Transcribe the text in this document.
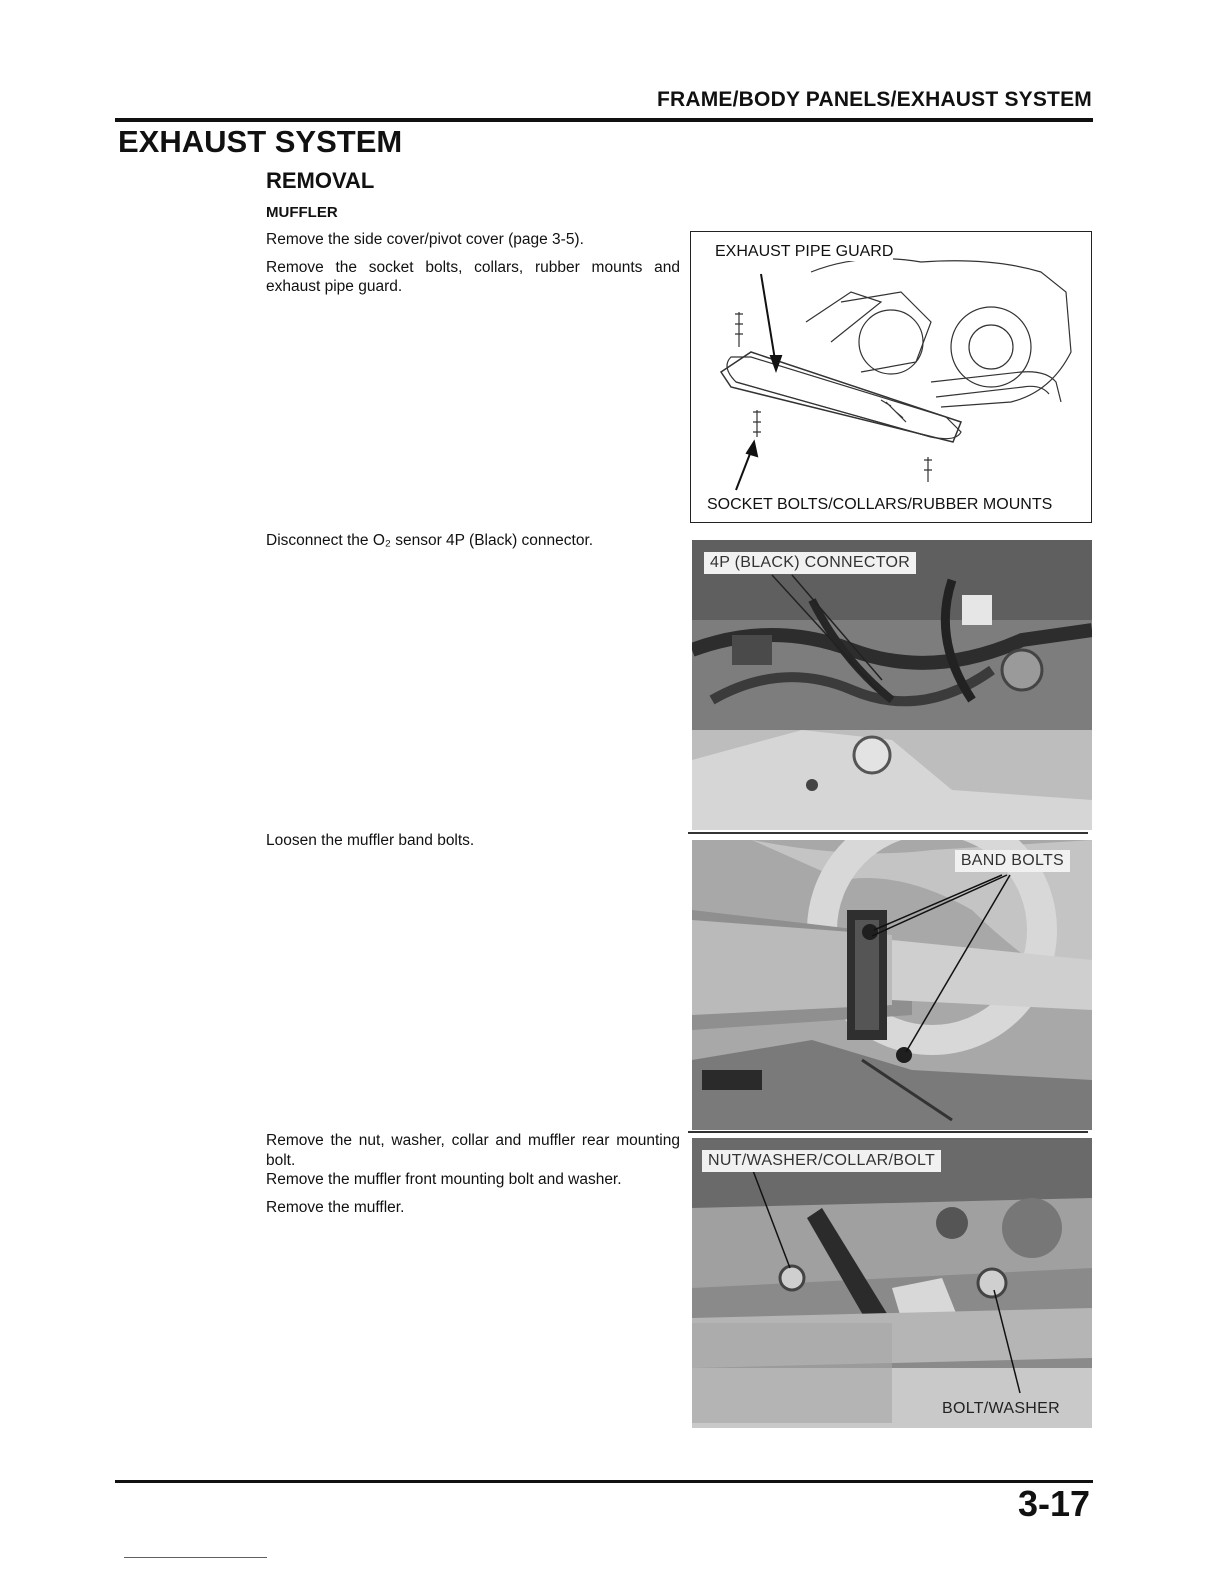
FRAME/BODY PANELS/EXHAUST SYSTEM
EXHAUST SYSTEM
REMOVAL
MUFFLER

Remove the side cover/pivot cover (page 3-5).

Remove the socket bolts, collars, rubber mounts and exhaust pipe guard.

Disconnect the O₂ sensor 4P (Black) connector.

Loosen the muffler band bolts.

Remove the nut, washer, collar and muffler rear mounting bolt.

Remove the muffler front mounting bolt and washer.

Remove the muffler.

EXHAUST PIPE GUARD
SOCKET BOLTS/COLLARS/RUBBER MOUNTS
4P (BLACK) CONNECTOR
BAND BOLTS
NUT/WASHER/COLLAR/BOLT
BOLT/WASHER
3-17
